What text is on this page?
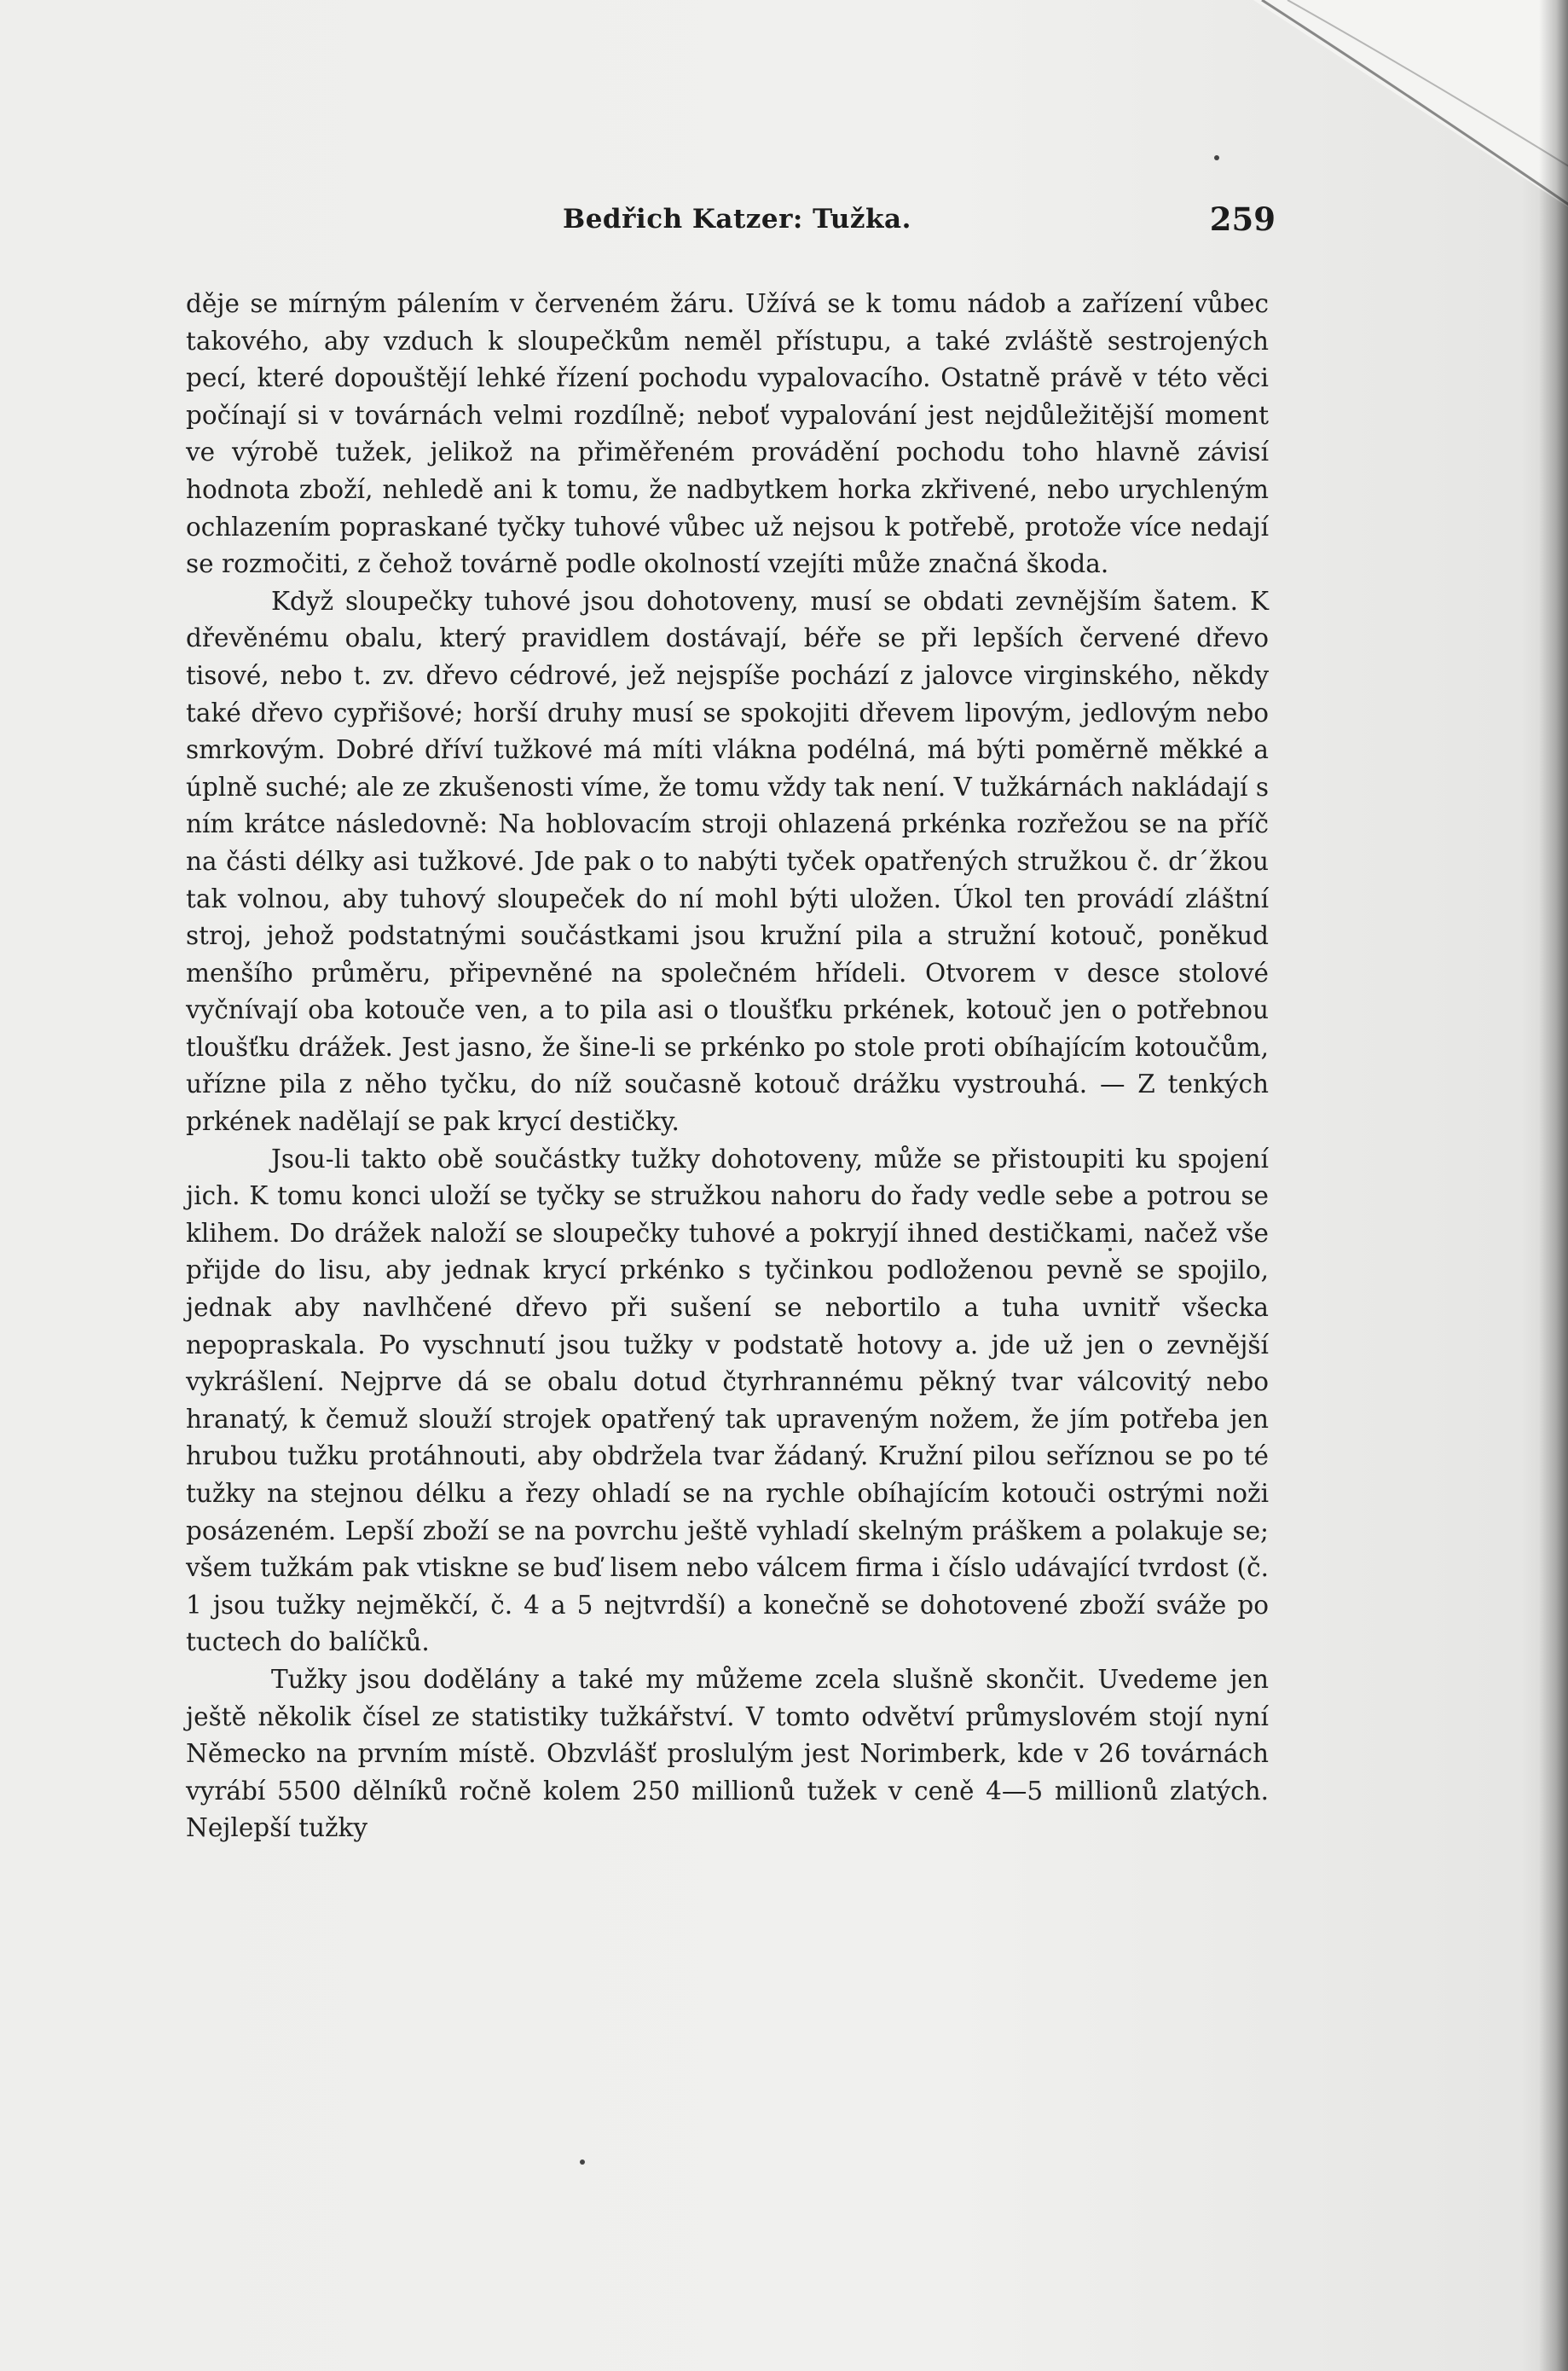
Bedřich Katzer: Tužka.	259

děje se mírným pálením v červeném žáru. Užívá se k tomu nádob a zařízení vůbec takového, aby vzduch k sloupečkům neměl přístupu, a také zvláště sestrojených pecí, které dopouštějí lehké řízení pochodu vypalovacího. Ostatně právě v této věci počínají si v továrnách velmi rozdílně; neboť vypalování jest nejdůležitější moment ve výrobě tužek, jelikož na přiměřeném provádění pochodu toho hlavně závisí hodnota zboží, nehledě ani k tomu, že nadbytkem horka zkřivené, nebo urychleným ochlazením popraskané tyčky tuhové vůbec už nejsou k potřebě, protože více nedají se rozmočiti, z čehož továrně podle okolností vzejíti může značná škoda.

Když sloupečky tuhové jsou dohotoveny, musí se obdati zevnějším šatem. K dřevěnému obalu, který pravidlem dostávají, béře se při lepších červené dřevo tisové, nebo t. zv. dřevo cédrové, jež nejspíše pochází z jalovce virginského, někdy také dřevo cypřišové; horší druhy musí se spokojiti dřevem lipovým, jedlovým nebo smrkovým. Dobré dříví tužkové má míti vlákna podélná, má býti poměrně měkké a úplně suché; ale ze zkušenosti víme, že tomu vždy tak není. V tužkárnách nakládají s ním krátce následovně: Na hoblovacím stroji ohlazená prkénka rozřežou se na příč na části délky asi tužkové. Jde pak o to nabýti tyček opatřených stružkou č. dr´žkou tak volnou, aby tuhový sloupeček do ní mohl býti uložen. Úkol ten provádí zláštní stroj, jehož podstatnými součástkami jsou kružní pila a stružní kotouč, poněkud menšího průměru, připevněné na společném hřídeli. Otvorem v desce stolové vyčnívají oba kotouče ven, a to pila asi o tloušťku prkének, kotouč jen o potřebnou tloušťku drážek. Jest jasno, že šine-li se prkénko po stole proti obíhajícím kotoučům, uřízne pila z něho tyčku, do níž současně kotouč drážku vystrouhá. — Z tenkých prkének nadělají se pak krycí destičky.

Jsou-li takto obě součástky tužky dohotoveny, může se přistoupiti ku spojení jich. K tomu konci uloží se tyčky se stružkou nahoru do řady vedle sebe a potrou se klihem. Do drážek naloží se sloupečky tuhové a pokryjí ihned destičkami, načež vše přijde do lisu, aby jednak krycí prkénko s tyčinkou podloženou pevně se spojilo, jednak aby navlhčené dřevo při sušení se nebortilo a tuha uvnitř všecka nepopraskala. Po vyschnutí jsou tužky v podstatě hotovy a. jde už jen o zevnější vykrášlení. Nejprve dá se obalu dotud čtyrhrannému pěkný tvar válcovitý nebo hranatý, k čemuž slouží strojek opatřený tak upraveným nožem, že jím potřeba jen hrubou tužku protáhnouti, aby obdržela tvar žádaný. Kružní pilou seříznou se po té tužky na stejnou délku a řezy ohladí se na rychle obíhajícím kotouči ostrými noži posázeném. Lepší zboží se na povrchu ještě vyhladí skelným práškem a polakuje se; všem tužkám pak vtiskne se buď lisem nebo válcem firma i číslo udávající tvrdost (č. 1 jsou tužky nejměkčí, č. 4 a 5 nejtvrdší) a konečně se dohotovené zboží sváže po tuctech do balíčků.

Tužky jsou dodělány a také my můžeme zcela slušně skončit. Uvedeme jen ještě několik čísel ze statistiky tužkářství. V tomto odvětví průmyslovém stojí nyní Německo na prvním místě. Obzvlášť proslulým jest Norimberk, kde v 26 továrnách vyrábí 5500 dělníků ročně kolem 250 millionů tužek v ceně 4—5 millionů zlatých. Nejlepší tužky
